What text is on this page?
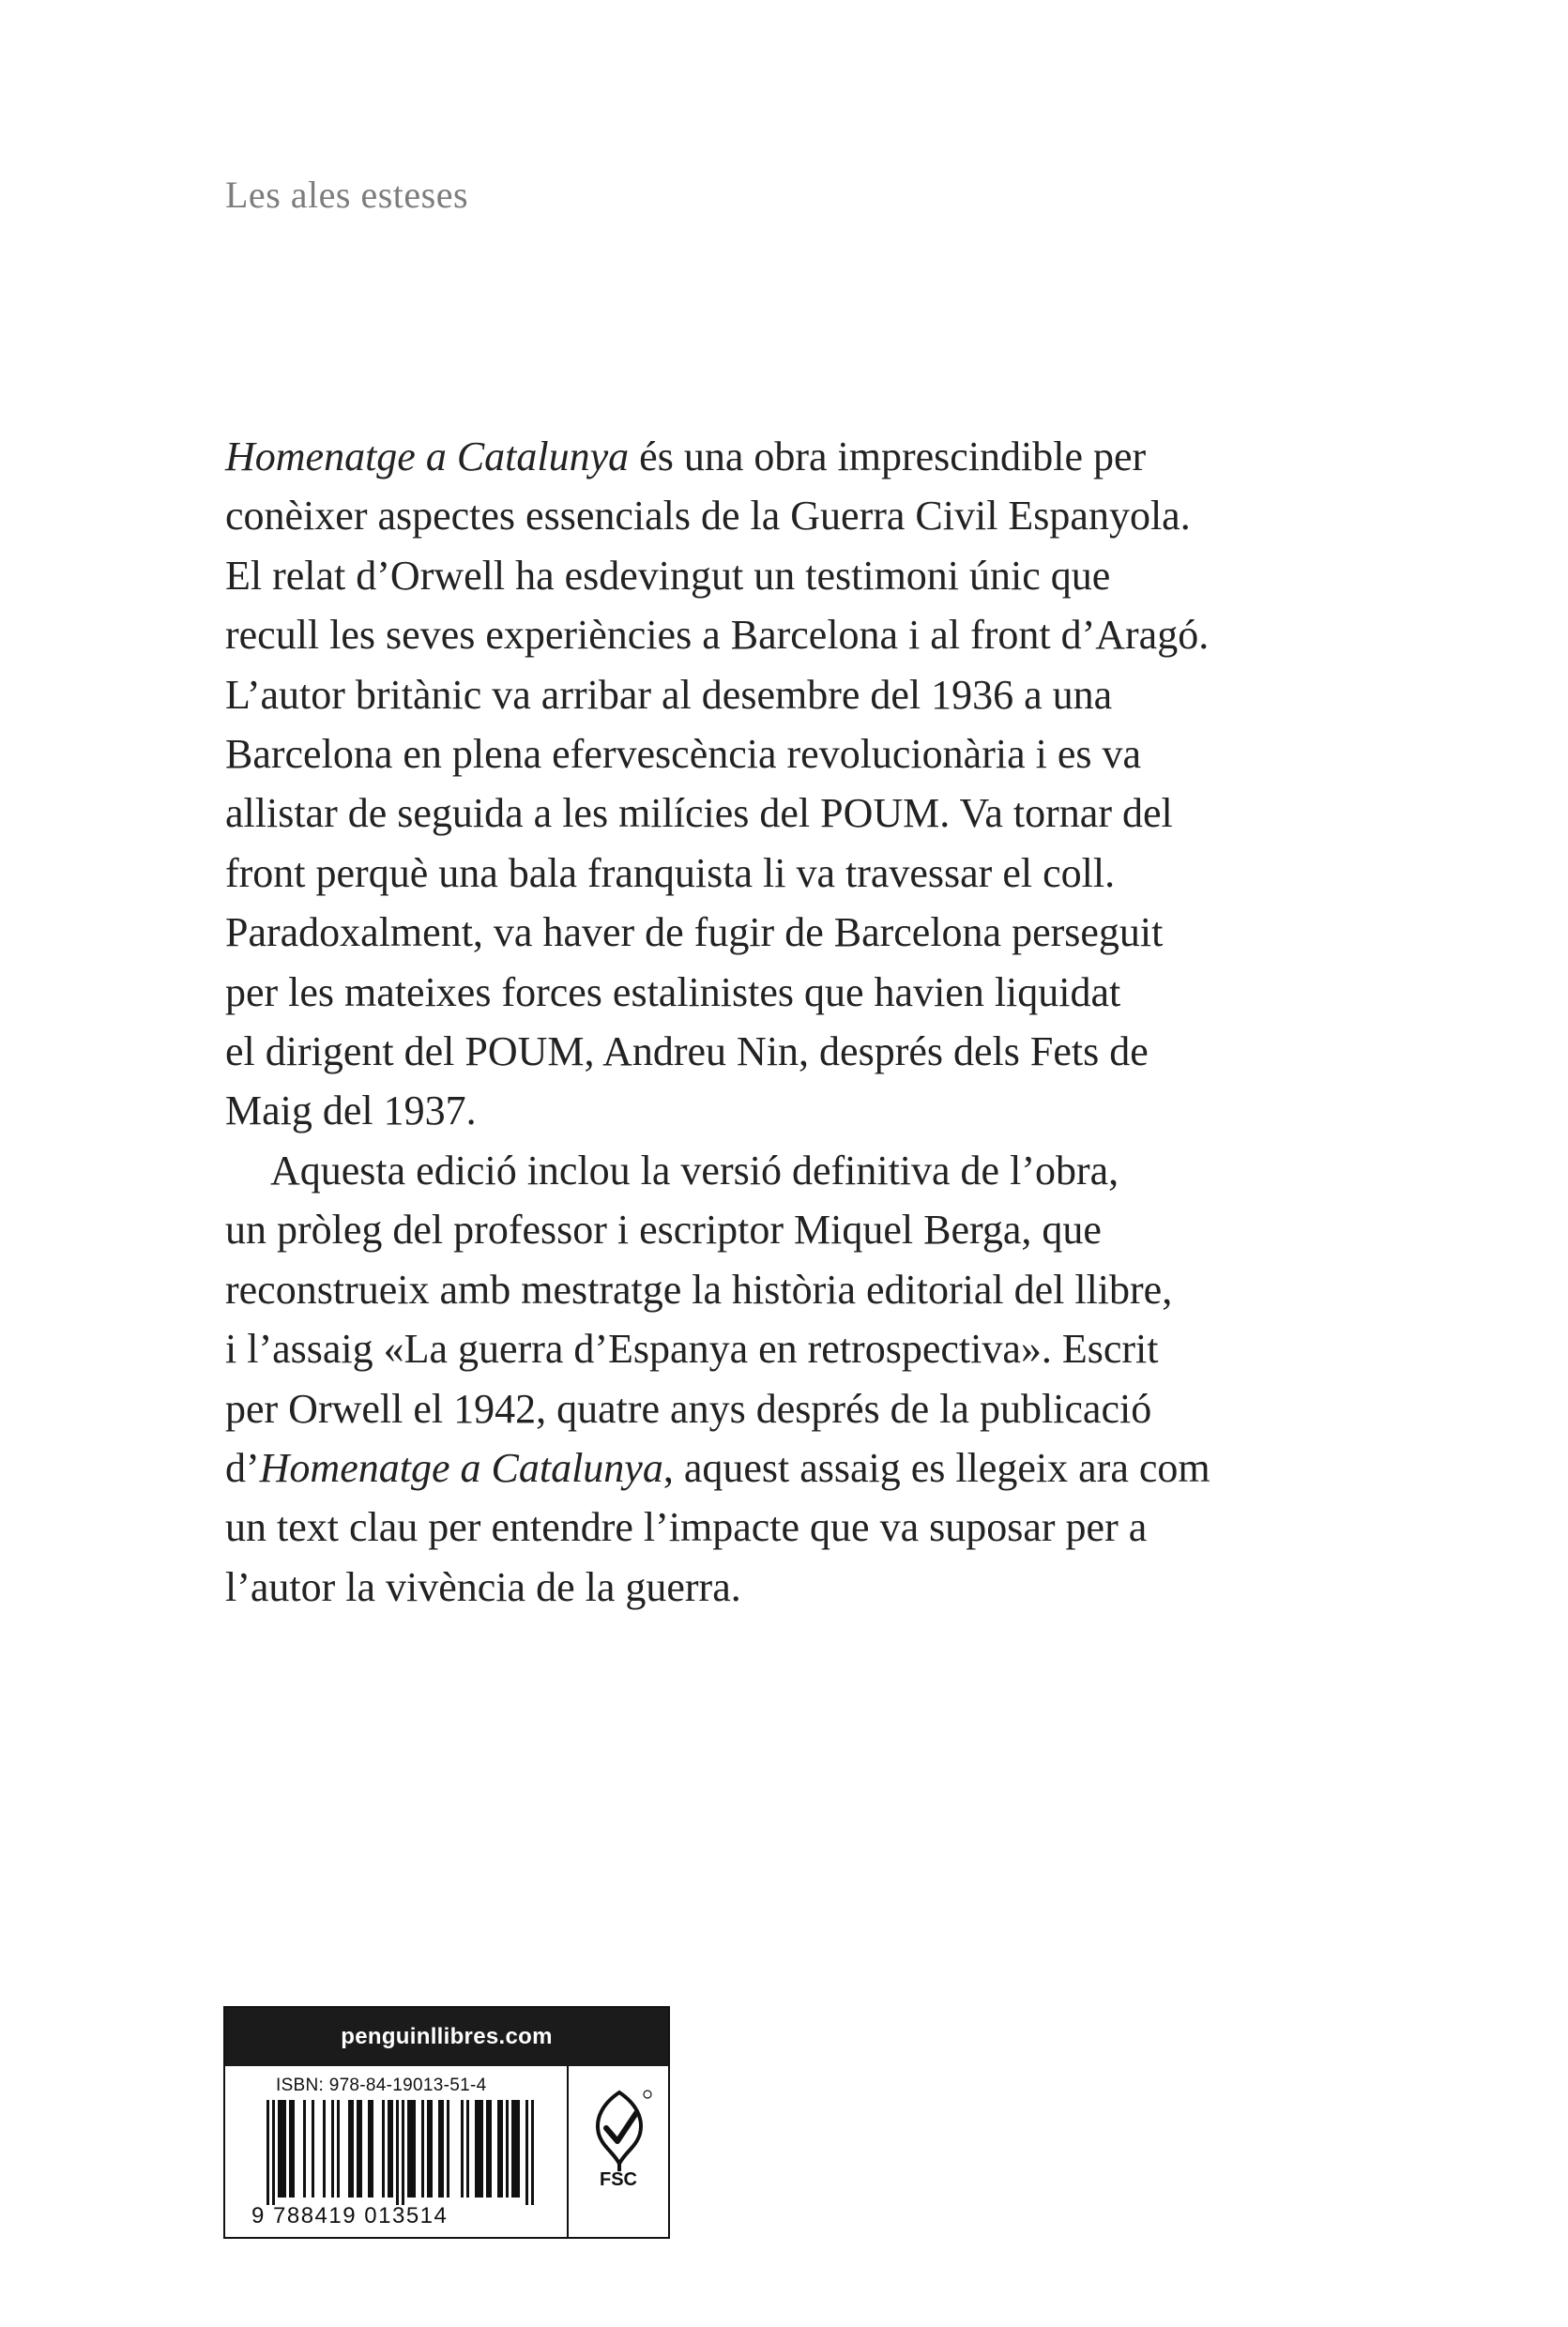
Les ales esteses

Homenatge a Catalunya és una obra imprescindible per
conèixer aspectes essencials de la Guerra Civil Espanyola.
El relat d’Orwell ha esdevingut un testimoni únic que
recull les seves experiències a Barcelona i al front d’Aragó.
L’autor britànic va arribar al desembre del 1936 a una
Barcelona en plena efervescència revolucionària i es va
allistar de seguida a les milícies del POUM. Va tornar del
front perquè una bala franquista li va travessar el coll.
Paradoxalment, va haver de fugir de Barcelona perseguit
per les mateixes forces estalinistes que havien liquidat
el dirigent del POUM, Andreu Nin, després dels Fets de
Maig del 1937.

Aquesta edició inclou la versió definitiva de l’obra,
un pròleg del professor i escriptor Miquel Berga, que
reconstrueix amb mestratge la història editorial del llibre,
i l’assaig «La guerra d’Espanya en retrospectiva». Escrit
per Orwell el 1942, quatre anys després de la publicació
d’Homenatge a Catalunya, aquest assaig es llegeix ara com
un text clau per entendre l’impacte que va suposar per a
l’autor la vivència de la guerra.

penguinllibres.com
ISBN: 978-84-19013-51-4
9 788419 013514
FSC
